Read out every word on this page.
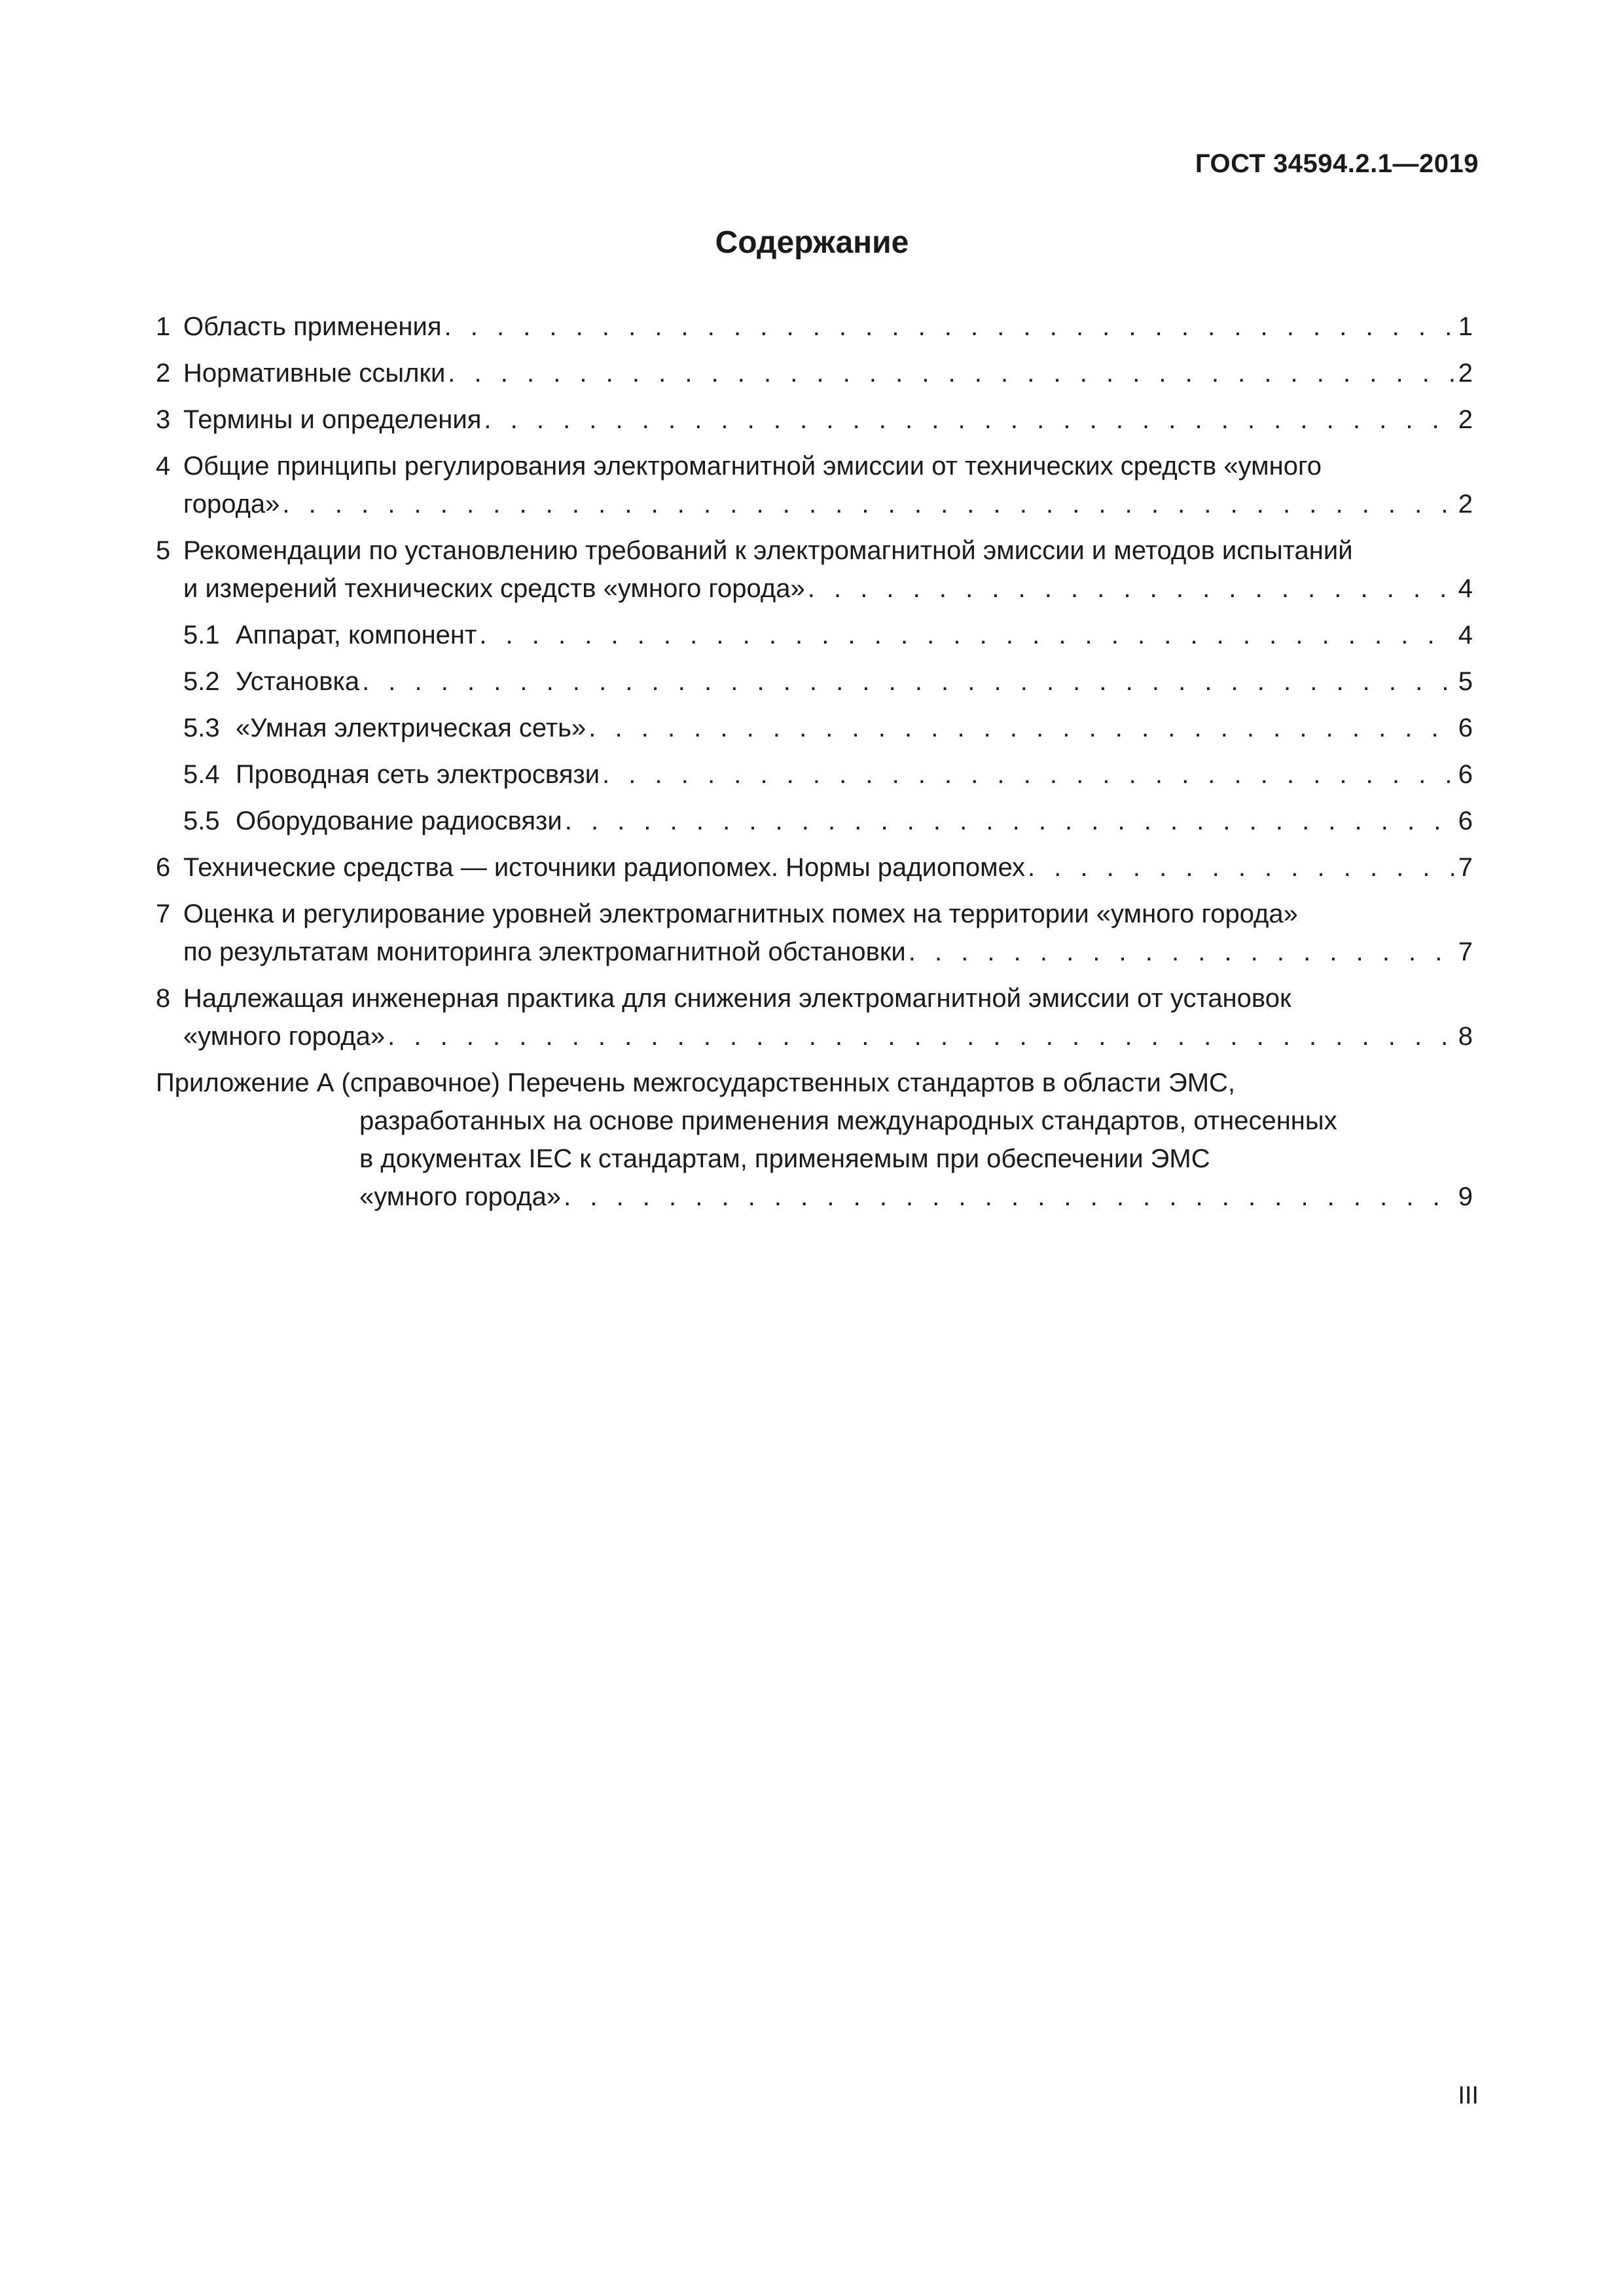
ГОСТ 34594.2.1—2019
Содержание
1 Область применения . . .	1
2 Нормативные ссылки . . .	2
3 Термины и определения . . .	2
4 Общие принципы регулирования электромагнитной эмиссии от технических средств «умного
города» . . .	2
5 Рекомендации по установлению требований к электромагнитной эмиссии и методов испытаний
и измерений технических средств «умного города» . . .	4
5.1 Аппарат, компонент . . .	4
5.2 Установка . . .	5
5.3 «Умная электрическая сеть» . . .	6
5.4 Проводная сеть электросвязи . . .	6
5.5 Оборудование радиосвязи . . .	6
6 Технические средства — источники радиопомех. Нормы радиопомех . . .	7
7 Оценка и регулирование уровней электромагнитных помех на территории «умного города»
по результатам мониторинга электромагнитной обстановки . . .	7
8 Надлежащая инженерная практика для снижения электромагнитной эмиссии от установок
«умного города» . . .	8
Приложение А (справочное) Перечень межгосударственных стандартов в области ЭМС,
разработанных на основе применения международных стандартов, отнесенных
в документах IEC к стандартам, применяемым при обеспечении ЭМС
«умного города» . . .	9
III
